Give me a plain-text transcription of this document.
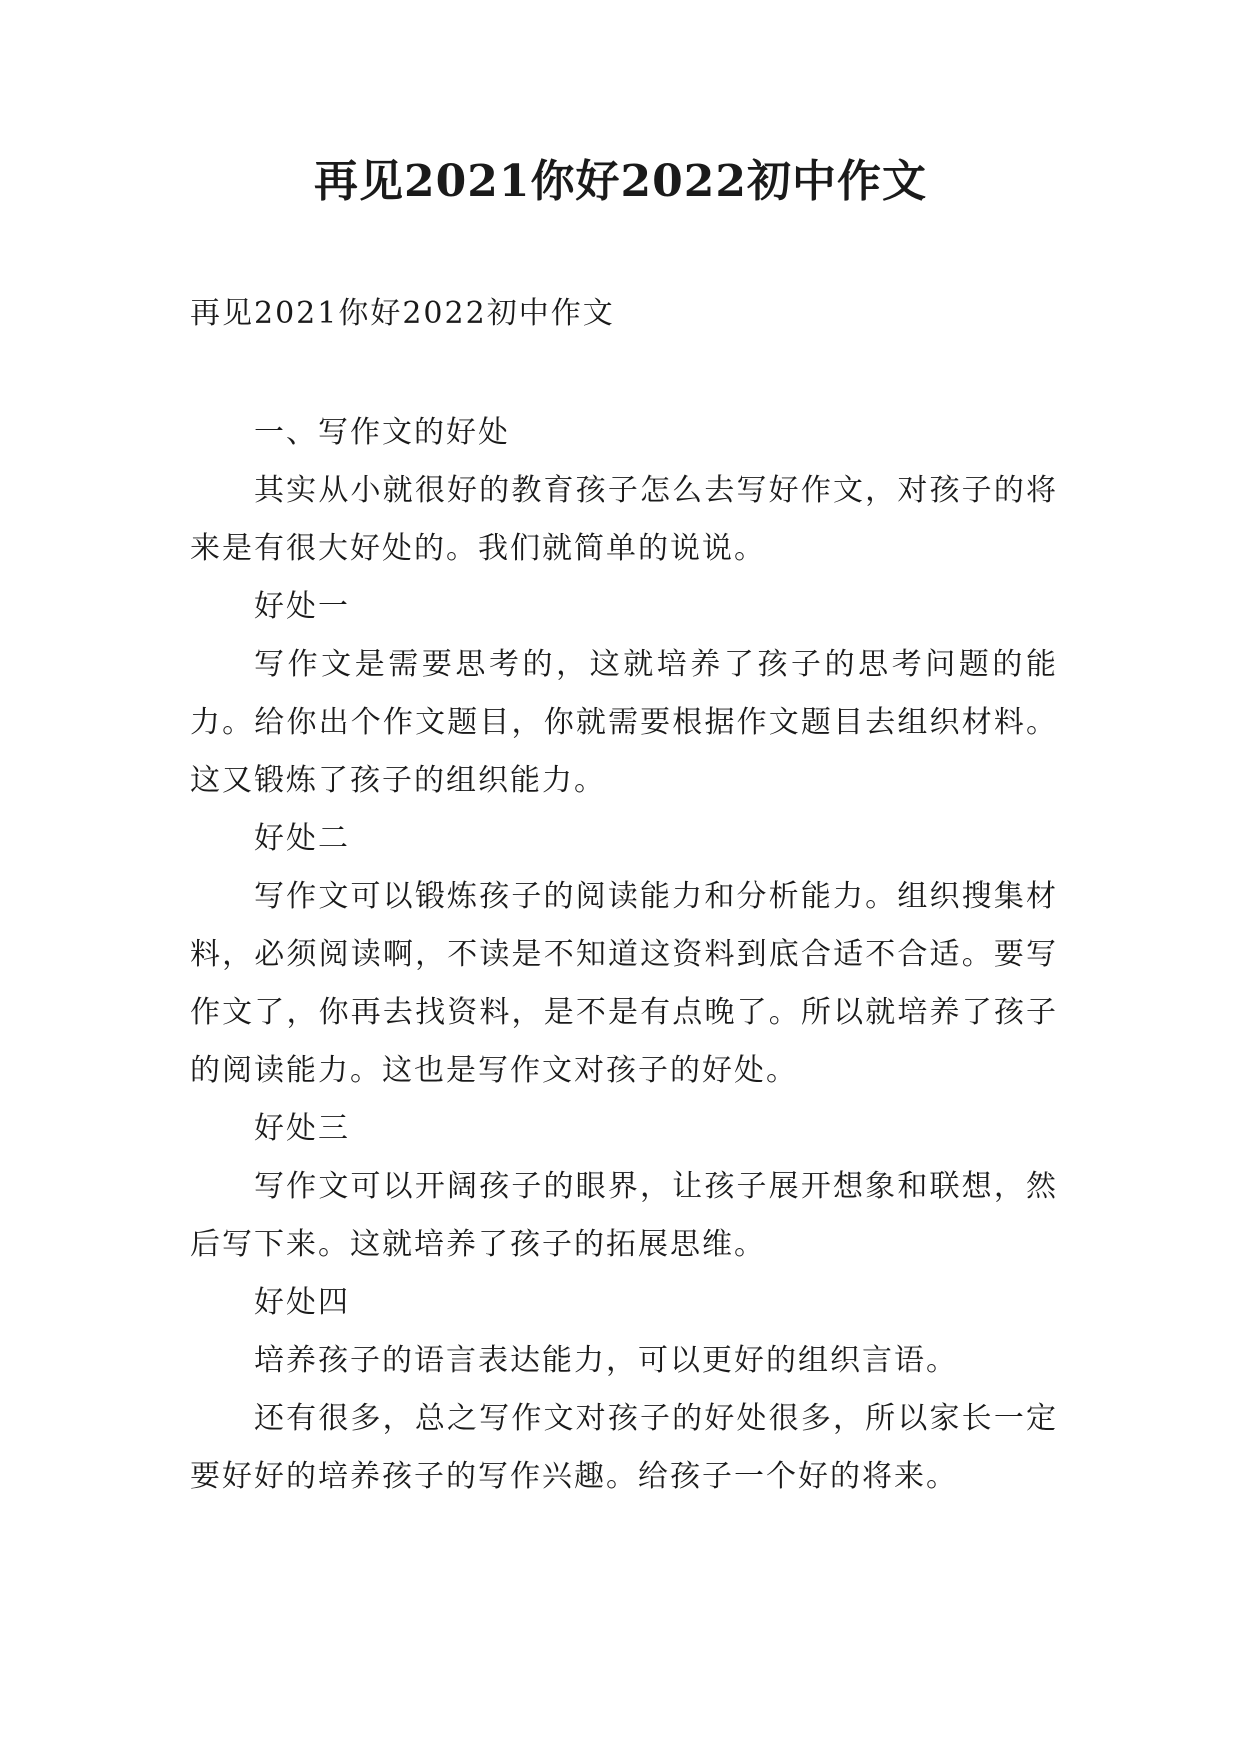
再见2021你好2022初中作文
再见2021你好2022初中作文

一、写作文的好处

其实从小就很好的教育孩子怎么去写好作文，对孩子的将来是有很大好处的。我们就简单的说说。

好处一

写作文是需要思考的，这就培养了孩子的思考问题的能力。给你出个作文题目，你就需要根据作文题目去组织材料。这又锻炼了孩子的组织能力。

好处二

写作文可以锻炼孩子的阅读能力和分析能力。组织搜集材料，必须阅读啊，不读是不知道这资料到底合适不合适。要写作文了，你再去找资料，是不是有点晚了。所以就培养了孩子的阅读能力。这也是写作文对孩子的好处。

好处三

写作文可以开阔孩子的眼界，让孩子展开想象和联想，然后写下来。这就培养了孩子的拓展思维。

好处四

培养孩子的语言表达能力，可以更好的组织言语。

还有很多，总之写作文对孩子的好处很多，所以家长一定要好好的培养孩子的写作兴趣。给孩子一个好的将来。
